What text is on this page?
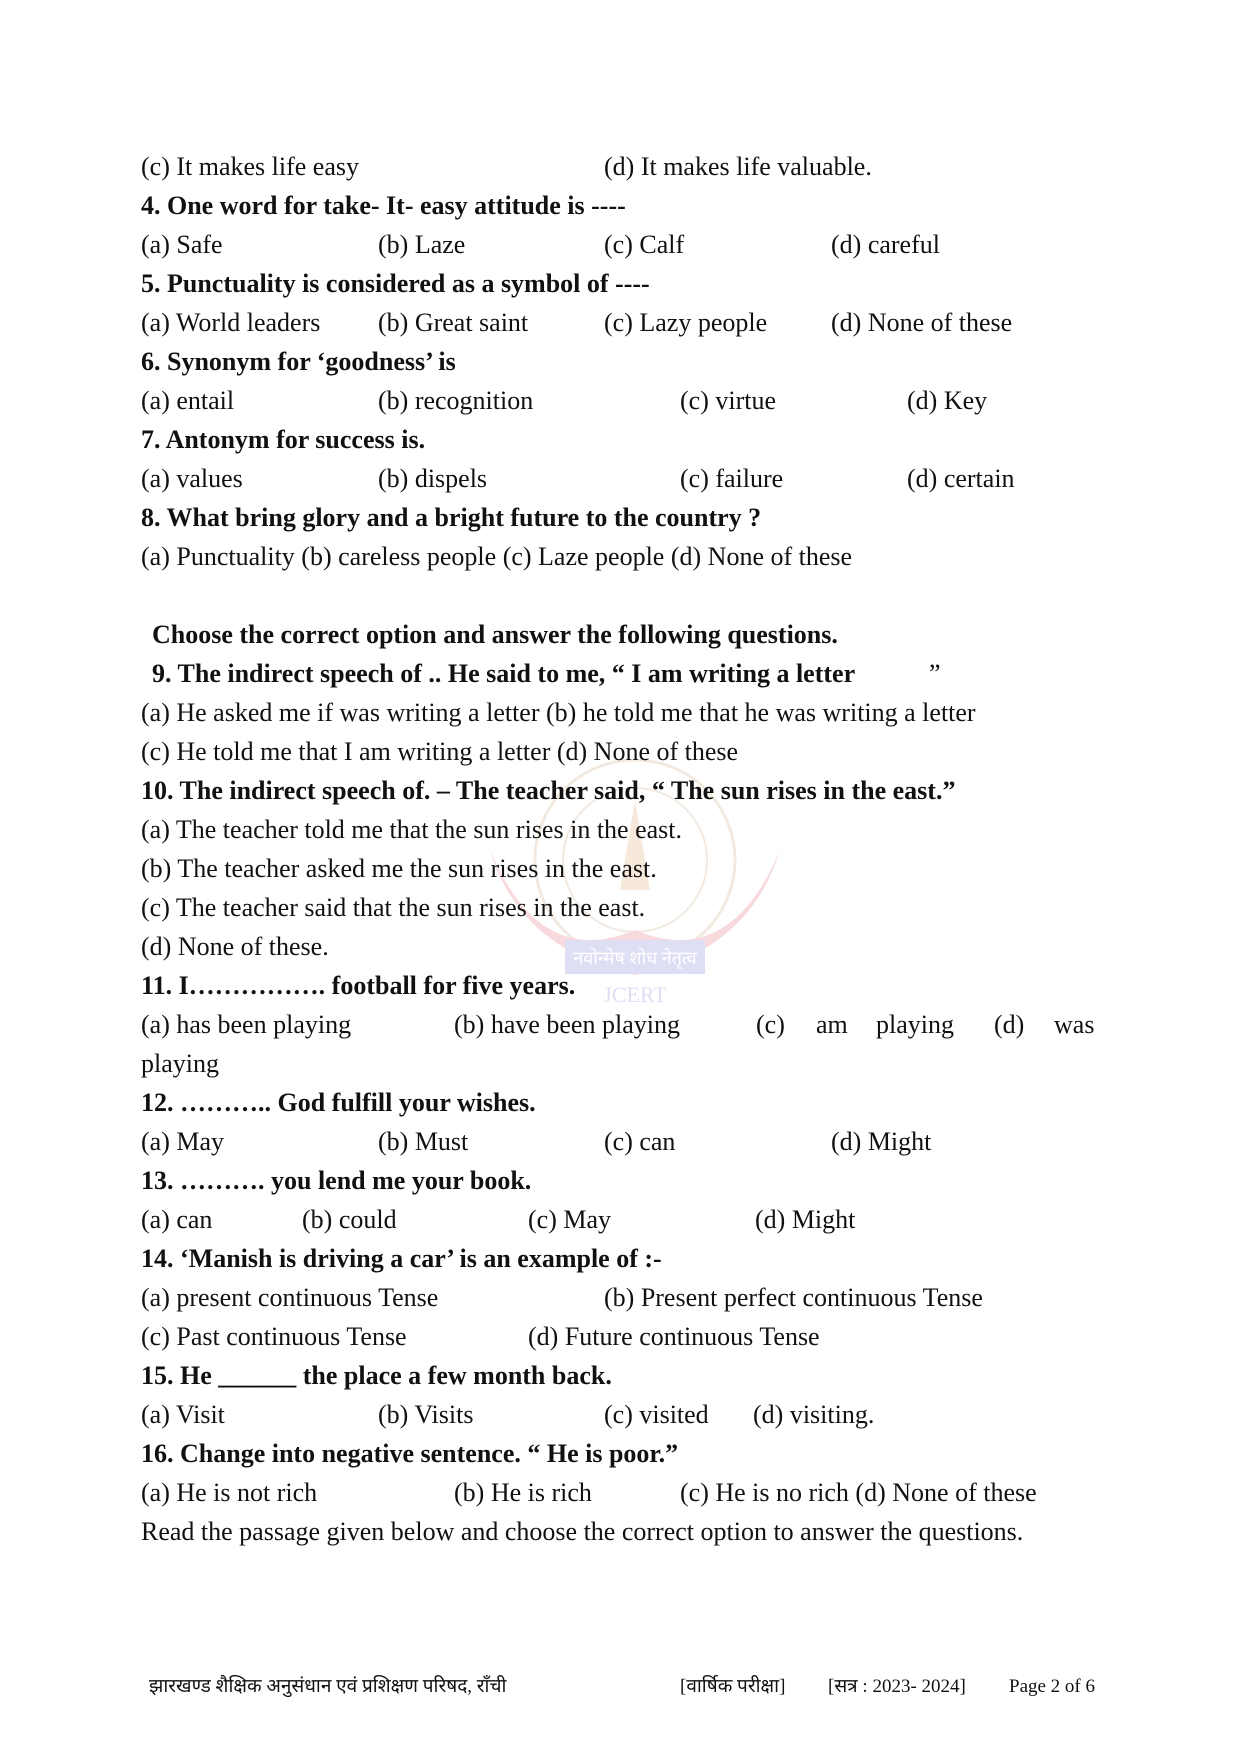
नवोन्मेष शोध नेतृत्व
JCERT
(c) It makes life easy	(d) It makes life valuable.
4. One word for take- It- easy attitude is ----
(a) Safe	(b) Laze	(c) Calf	(d) careful
5. Punctuality is considered as a symbol of ----
(a) World leaders (b) Great saint	(c) Lazy people (d) None of these
6. Synonym for ‘goodness’ is
(a) entail	(b) recognition	(c) virtue	(d) Key
7. Antonym for success is.
(a) values	(b) dispels	(c) failure	(d) certain
8. What bring glory and a bright future to the country ?
(a) Punctuality (b) careless people (c) Laze people (d) None of these
Choose the correct option and answer the following questions.
9. The indirect speech of .. He said to me, “ I am writing a letter	”
(a) He asked me if was writing a letter (b) he told me that he was writing a letter
(c) He told me that I am writing a letter (d) None of these
10. The indirect speech of. – The teacher said, “ The sun rises in the east.”
(a) The teacher told me that the sun rises in the east.
(b) The teacher asked me the sun rises in the east.
(c) The teacher said that the sun rises in the east.
(d) None of these.
11. I……………. football for five years.
(a) has been playing	(b) have been playing	(c) am playing (d) was
playing
12. ……….. God fulfill your wishes.
(a) May	(b) Must	(c) can	(d) Might
13. ………. you lend me your book.
(a) can	(b) could	(c) May	(d) Might
14. ‘Manish is driving a car’ is an example of :-
(a) present continuous Tense	(b) Present perfect continuous Tense
(c) Past continuous Tense	(d) Future continuous Tense
15. He ______ the place a few month back.
(a) Visit	(b) Visits	(c) visited (d) visiting.
16. Change into negative sentence. “ He is poor.”
(a) He is not rich	(b) He is rich	(c) He is no rich (d) None of these
Read the passage given below and choose the correct option to answer the questions.
झारखण्ड शैक्षिक अनुसंधान एवं प्रशिक्षण परिषद, राँची	[वार्षिक परीक्षा] [सत्र : 2023- 2024] Page 2 of 6
